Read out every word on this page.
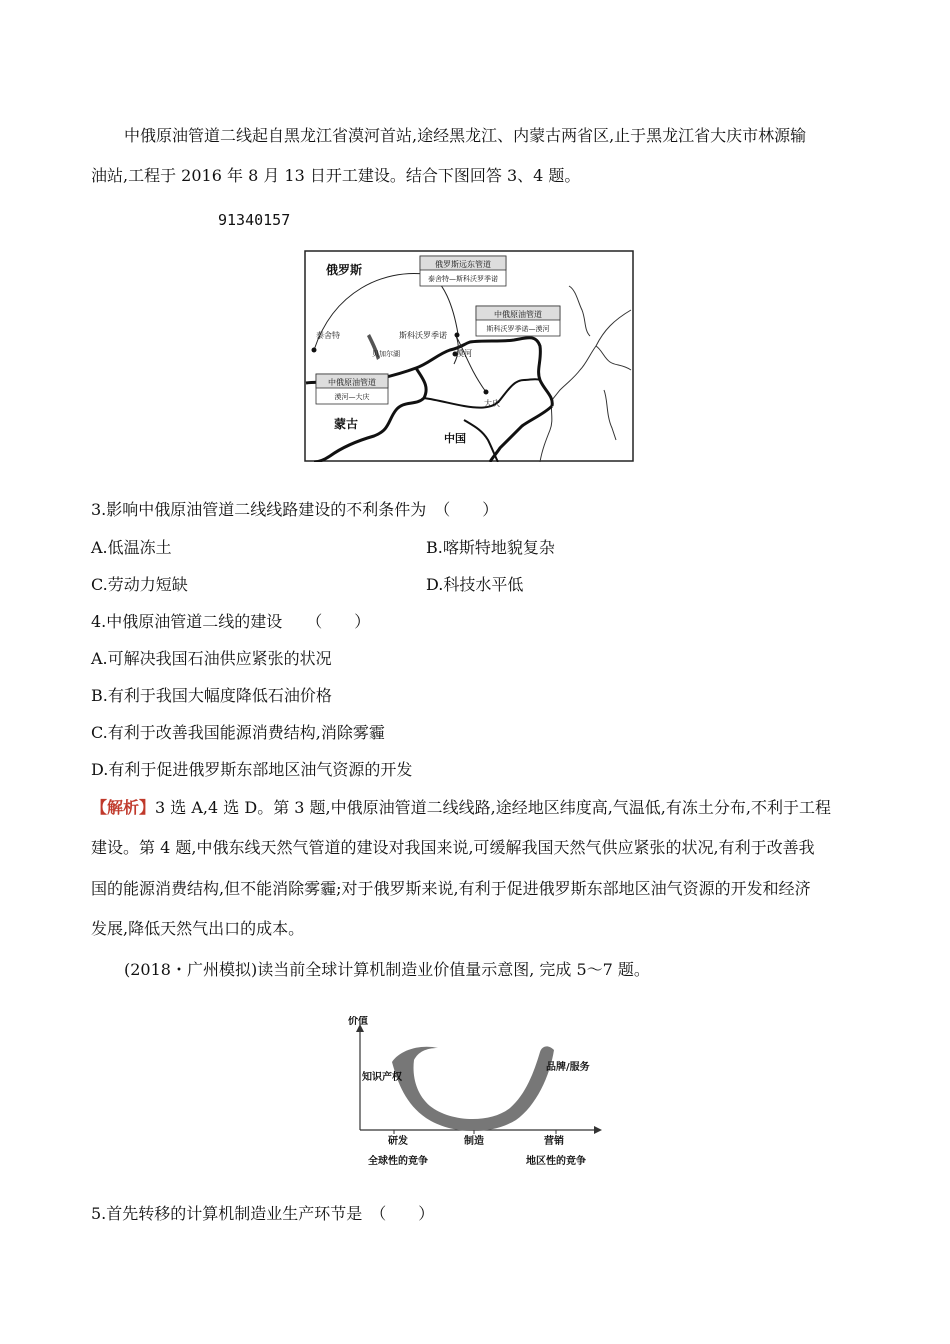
中俄原油管道二线起自黑龙江省漠河首站,途经黑龙江、内蒙古两省区,止于黑龙江省大庆市林源输
油站,工程于 2016 年 8 月 13 日开工建设。结合下图回答 3、4 题。
91340157
俄罗斯
蒙古
中国
泰舍特
贝加尔湖
斯科沃罗季诺
漠河
大庆
俄罗斯远东管道
泰舍特—斯科沃罗季诺
中俄原油管道
斯科沃罗季诺—漠河
中俄原油管道
漠河—大庆
3.影响中俄原油管道二线线路建设的不利条件为　（　　）
A.低温冻土	B.喀斯特地貌复杂
C.劳动力短缺	D.科技水平低
4.中俄原油管道二线的建设　　（　　）
A.可解决我国石油供应紧张的状况
B.有利于我国大幅度降低石油价格
C.有利于改善我国能源消费结构,消除雾霾
D.有利于促进俄罗斯东部地区油气资源的开发
【解析】3 选 A,4 选 D。第 3 题,中俄原油管道二线线路,途经地区纬度高,气温低,有冻土分布,不利于工程
建设。第 4 题,中俄东线天然气管道的建设对我国来说,可缓解我国天然气供应紧张的状况,有利于改善我
国的能源消费结构,但不能消除雾霾;对于俄罗斯来说,有利于促进俄罗斯东部地区油气资源的开发和经济
发展,降低天然气出口的成本。
(2018・广州模拟)读当前全球计算机制造业价值量示意图, 完成 5～7 题。
价值
知识产权
品牌/服务
研发	制造	营销
全球性的竞争	地区性的竞争
5.首先转移的计算机制造业生产环节是　（　　）
